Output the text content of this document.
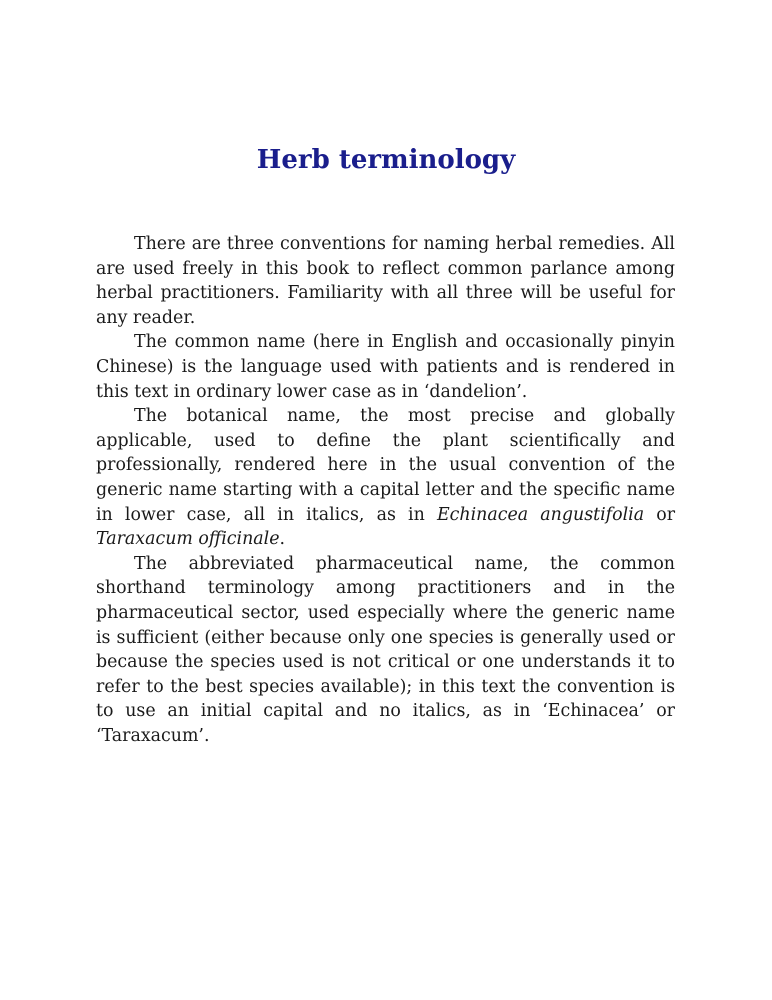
Herb terminology

There are three conventions for naming herbal remedies. All are used freely in this book to reflect common parlance among herbal practitioners. Familiarity with all three will be useful for any reader.

The common name (here in English and occasionally pinyin Chinese) is the language used with patients and is rendered in this text in ordinary lower case as in ‘dandelion’.

The botanical name, the most precise and globally applicable, used to define the plant scientifically and professionally, rendered here in the usual convention of the generic name starting with a capital letter and the specific name in lower case, all in italics, as in Echinacea angustifolia or Taraxacum officinale.

The abbreviated pharmaceutical name, the common shorthand terminology among practitioners and in the pharmaceutical sector, used especially where the generic name is sufficient (either because only one species is generally used or because the species used is not critical or one understands it to refer to the best species available); in this text the convention is to use an initial capital and no italics, as in ‘Echinacea’ or ‘Taraxacum’.
